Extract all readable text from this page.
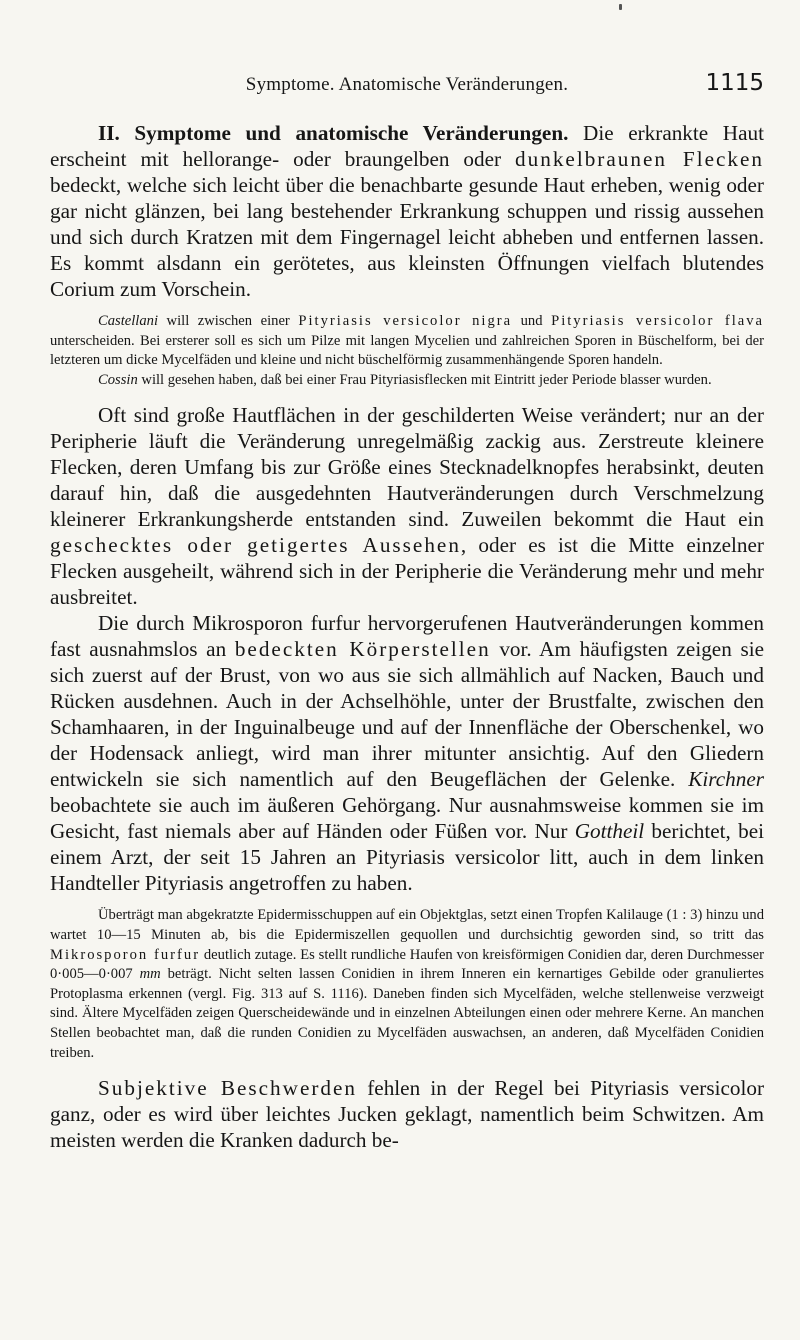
Symptome. Anatomische Veränderungen.	1115

II. Symptome und anatomische Veränderungen. Die erkrankte Haut erscheint mit hellorange- oder braungelben oder dunkelbraunen Flecken bedeckt, welche sich leicht über die benachbarte gesunde Haut erheben, wenig oder gar nicht glänzen, bei lang bestehender Erkrankung schuppen und rissig aussehen und sich durch Kratzen mit dem Fingernagel leicht abheben und entfernen lassen. Es kommt alsdann ein gerötetes, aus kleinsten Öffnungen vielfach blutendes Corium zum Vorschein.

Castellani will zwischen einer Pityriasis versicolor nigra und Pityriasis versicolor flava unterscheiden. Bei ersterer soll es sich um Pilze mit langen Mycelien und zahlreichen Sporen in Büschelform, bei der letzteren um dicke Mycelfäden und kleine und nicht büschelförmig zusammenhängende Sporen handeln.

Cossin will gesehen haben, daß bei einer Frau Pityriasisflecken mit Eintritt jeder Periode blasser wurden.

Oft sind große Hautflächen in der geschilderten Weise verändert; nur an der Peripherie läuft die Veränderung unregelmäßig zackig aus. Zerstreute kleinere Flecken, deren Umfang bis zur Größe eines Stecknadelknopfes herabsinkt, deuten darauf hin, daß die ausgedehnten Hautveränderungen durch Verschmelzung kleinerer Erkrankungsherde entstanden sind. Zuweilen bekommt die Haut ein geschecktes oder getigertes Aussehen, oder es ist die Mitte einzelner Flecken ausgeheilt, während sich in der Peripherie die Veränderung mehr und mehr ausbreitet.

Die durch Mikrosporon furfur hervorgerufenen Hautveränderungen kommen fast ausnahmslos an bedeckten Körperstellen vor. Am häufigsten zeigen sie sich zuerst auf der Brust, von wo aus sie sich allmählich auf Nacken, Bauch und Rücken ausdehnen. Auch in der Achselhöhle, unter der Brustfalte, zwischen den Schamhaaren, in der Inguinalbeuge und auf der Innenfläche der Oberschenkel, wo der Hodensack anliegt, wird man ihrer mitunter ansichtig. Auf den Gliedern entwickeln sie sich namentlich auf den Beugeflächen der Gelenke. Kirchner beobachtete sie auch im äußeren Gehörgang. Nur ausnahmsweise kommen sie im Gesicht, fast niemals aber auf Händen oder Füßen vor. Nur Gottheil berichtet, bei einem Arzt, der seit 15 Jahren an Pityriasis versicolor litt, auch in dem linken Handteller Pityriasis angetroffen zu haben.

Überträgt man abgekratzte Epidermisschuppen auf ein Objektglas, setzt einen Tropfen Kalilauge (1 : 3) hinzu und wartet 10—15 Minuten ab, bis die Epidermiszellen gequollen und durchsichtig geworden sind, so tritt das Mikrosporon furfur deutlich zutage. Es stellt rundliche Haufen von kreisförmigen Conidien dar, deren Durchmesser 0·005—0·007 mm beträgt. Nicht selten lassen Conidien in ihrem Inneren ein kernartiges Gebilde oder granuliertes Protoplasma erkennen (vergl. Fig. 313 auf S. 1116). Daneben finden sich Mycelfäden, welche stellenweise verzweigt sind. Ältere Mycelfäden zeigen Querscheidewände und in einzelnen Abteilungen einen oder mehrere Kerne. An manchen Stellen beobachtet man, daß die runden Conidien zu Mycelfäden auswachsen, an anderen, daß Mycelfäden Conidien treiben.

Subjektive Beschwerden fehlen in der Regel bei Pityriasis versicolor ganz, oder es wird über leichtes Jucken geklagt, namentlich beim Schwitzen. Am meisten werden die Kranken dadurch be-
